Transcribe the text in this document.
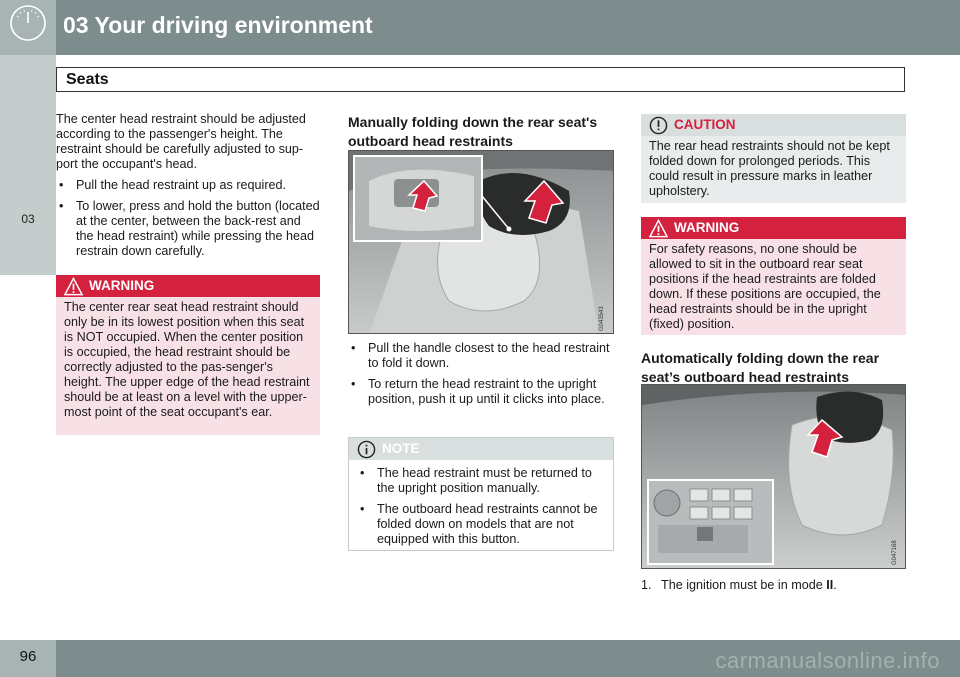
03 Your driving environment
03
Seats

The center head restraint should be adjusted according to the passenger's height. The restraint should be carefully adjusted to sup-port the occupant's head.

• Pull the head restraint up as required.
• To lower, press and hold the button (located at the center, between the back-rest and the head restraint) while pressing the head restrain down carefully.
WARNING
The center rear seat head restraint should only be in its lowest position when this seat is NOT occupied. When the center position is occupied, the head restraint should be correctly adjusted to the pas-senger's height. The upper edge of the head restraint should be at least on a level with the upper-most point of the seat occupant's ear.
Manually folding down the rear seat's outboard head restraints
G043543
• Pull the handle closest to the head restraint to fold it down.
• To return the head restraint to the upright position, push it up until it clicks into place.
NOTE
• The head restraint must be returned to the upright position manually.
• The outboard head restraints cannot be folded down on models that are not equipped with this button.
CAUTION
The rear head restraints should not be kept folded down for prolonged periods. This could result in pressure marks in leather upholstery.
WARNING
For safety reasons, no one should be allowed to sit in the outboard rear seat positions if the head restraints are folded down. If these positions are occupied, the head restraints should be in the upright (fixed) position.
Automatically folding down the rear seat’s outboard head restraints
G047168
1. The ignition must be in mode II.
96	carmanualsonline.info
